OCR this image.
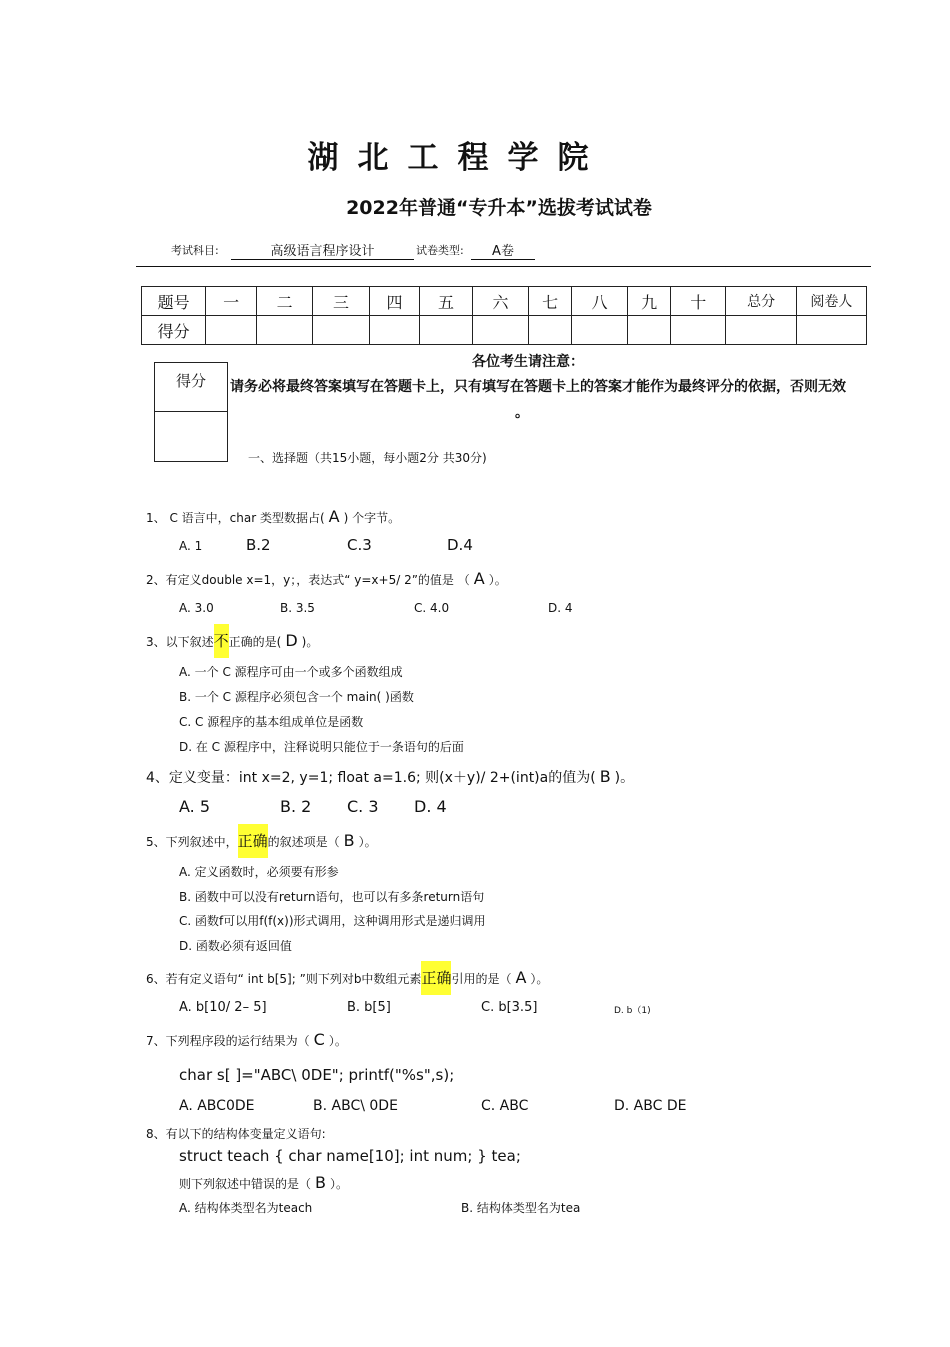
湖北工程学院
2022年普通“专升本”选拔考试试卷
考试科目:	高级语言程序设计	试卷类型:	A卷
题号	一	二	三	四	五	六	七	八	九	十	总分	阅卷人
得分												
各位考生请注意：
请务必将最终答案填写在答题卡上，只有填写在答题卡上的答案才能作为最终评分的依据，否则无效
。
得分
一、选择题（共15小题，每小题2分 共30分)
1、 C 语言中，char 类型数据占( A ) 个字节。
A. 1	B.2	C.3	D.4
2、有定义double x=1，y；，表达式“ y=x+5/ 2”的值是 （ A ）。
A. 3.0	B. 3.5	C. 4.0	D. 4
3、以下叙述不正确的是( D )。
A. 一个 C 源程序可由一个或多个函数组成
B. 一个 C 源程序必须包含一个 main( )函数
C. C 源程序的基本组成单位是函数
D. 在 C 源程序中，注释说明只能位于一条语句的后面
4、定义变量：int x=2, y=1; float a=1.6; 则(x＋y)/ 2+(int)a的值为( B )。
A. 5	B. 2 C. 3 D. 4
5、下列叙述中，正确的叙述项是（ B ）。
A. 定义函数时，必须要有形参
B. 函数中可以没有return语句，也可以有多条return语句
C. 函数f可以用f(f(x))形式调用，这种调用形式是递归调用
D. 函数必须有返回值
6、若有定义语句“ int b[5]; ”则下列对b中数组元素正确引用的是（ A ）。
A. b[10/ 2– 5]	B. b[5]	C. b[3.5]	D. b（1)
7、下列程序段的运行结果为（ C ）。
char s[ ]="ABC\ 0DE"; printf("%s",s);
A. ABC0DE	B. ABC\ 0DE	C. ABC	D. ABC DE
8、有以下的结构体变量定义语句:
struct teach { char name[10]; int num; } tea;
则下列叙述中错误的是（ B ）。
A. 结构体类型名为teach	B. 结构体类型名为tea
